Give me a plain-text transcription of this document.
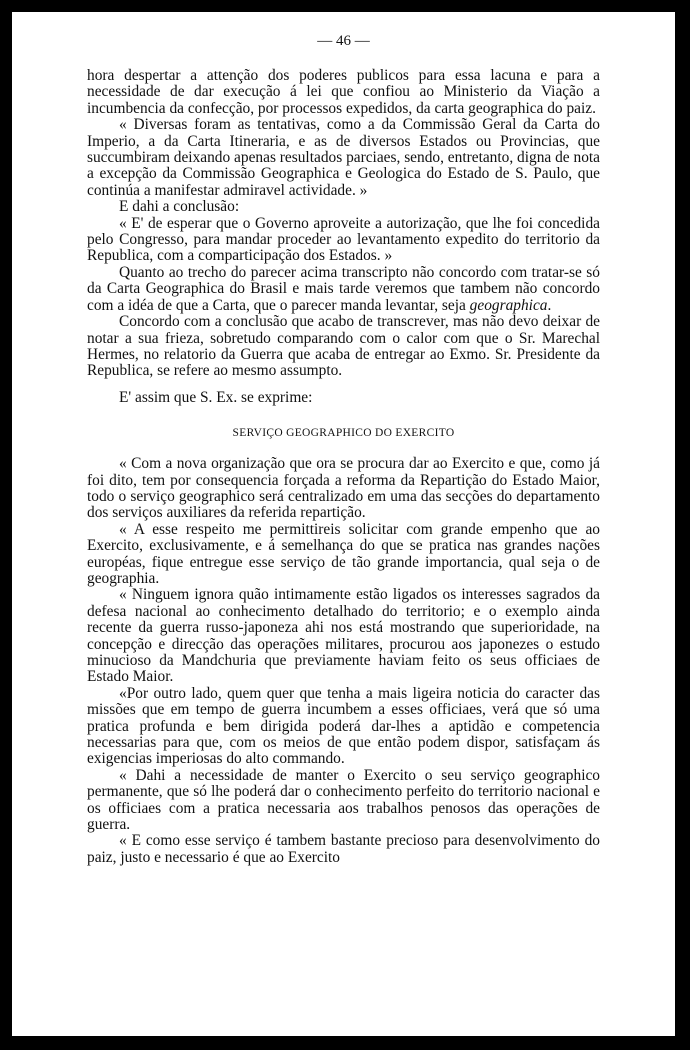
— 46 —

hora despertar a attenção dos poderes publicos para essa lacuna e para a necessidade de dar execução á lei que confiou ao Ministerio da Viação a incumbencia da confecção, por processos expedidos, da carta geographica do paiz.

« Diversas foram as tentativas, como a da Commissão Geral da Carta do Imperio, a da Carta Itineraria, e as de diversos Estados ou Provincias, que succumbiram deixando apenas resultados parciaes, sendo, entretanto, digna de nota a excepção da Commissão Geographica e Geologica do Estado de S. Paulo, que continúa a manifestar admiravel actividade. »

E dahi a conclusão:

« E' de esperar que o Governo aproveite a autorização, que lhe foi concedida pelo Congresso, para mandar proceder ao levantamento expedito do territorio da Republica, com a comparticipação dos Estados. »

Quanto ao trecho do parecer acima transcripto não concordo com tratar-se só da Carta Geographica do Brasil e mais tarde veremos que tambem não concordo com a idéa de que a Carta, que o parecer manda levantar, seja geographica.

Concordo com a conclusão que acabo de transcrever, mas não devo deixar de notar a sua frieza, sobretudo comparando com o calor com que o Sr. Marechal Hermes, no relatorio da Guerra que acaba de entregar ao Exmo. Sr. Presidente da Republica, se refere ao mesmo assumpto.

E' assim que S. Ex. se exprime:

SERVIÇO GEOGRAPHICO DO EXERCITO

« Com a nova organização que ora se procura dar ao Exercito e que, como já foi dito, tem por consequencia forçada a reforma da Repartição do Estado Maior, todo o serviço geographico será centralizado em uma das secções do departamento dos serviços auxiliares da referida repartição.

« A esse respeito me permittireis solicitar com grande empenho que ao Exercito, exclusivamente, e á semelhança do que se pratica nas grandes nações européas, fique entregue esse serviço de tão grande importancia, qual seja o de geographia.

« Ninguem ignora quão intimamente estão ligados os interesses sagrados da defesa nacional ao conhecimento detalhado do territorio; e o exemplo ainda recente da guerra russo-japoneza ahi nos está mostrando que superioridade, na concepção e direcção das operações militares, procurou aos japonezes o estudo minucioso da Mandchuria que previamente haviam feito os seus officiaes de Estado Maior.

«Por outro lado, quem quer que tenha a mais ligeira noticia do caracter das missões que em tempo de guerra incumbem a esses officiaes, verá que só uma pratica profunda e bem dirigida poderá dar-lhes a aptidão e competencia necessarias para que, com os meios de que então podem dispor, satisfaçam ás exigencias imperiosas do alto commando.

« Dahi a necessidade de manter o Exercito o seu serviço geographico permanente, que só lhe poderá dar o conhecimento perfeito do territorio nacional e os officiaes com a pratica necessaria aos trabalhos penosos das operações de guerra.

« E como esse serviço é tambem bastante precioso para desenvolvimento do paiz, justo e necessario é que ao Exercito
